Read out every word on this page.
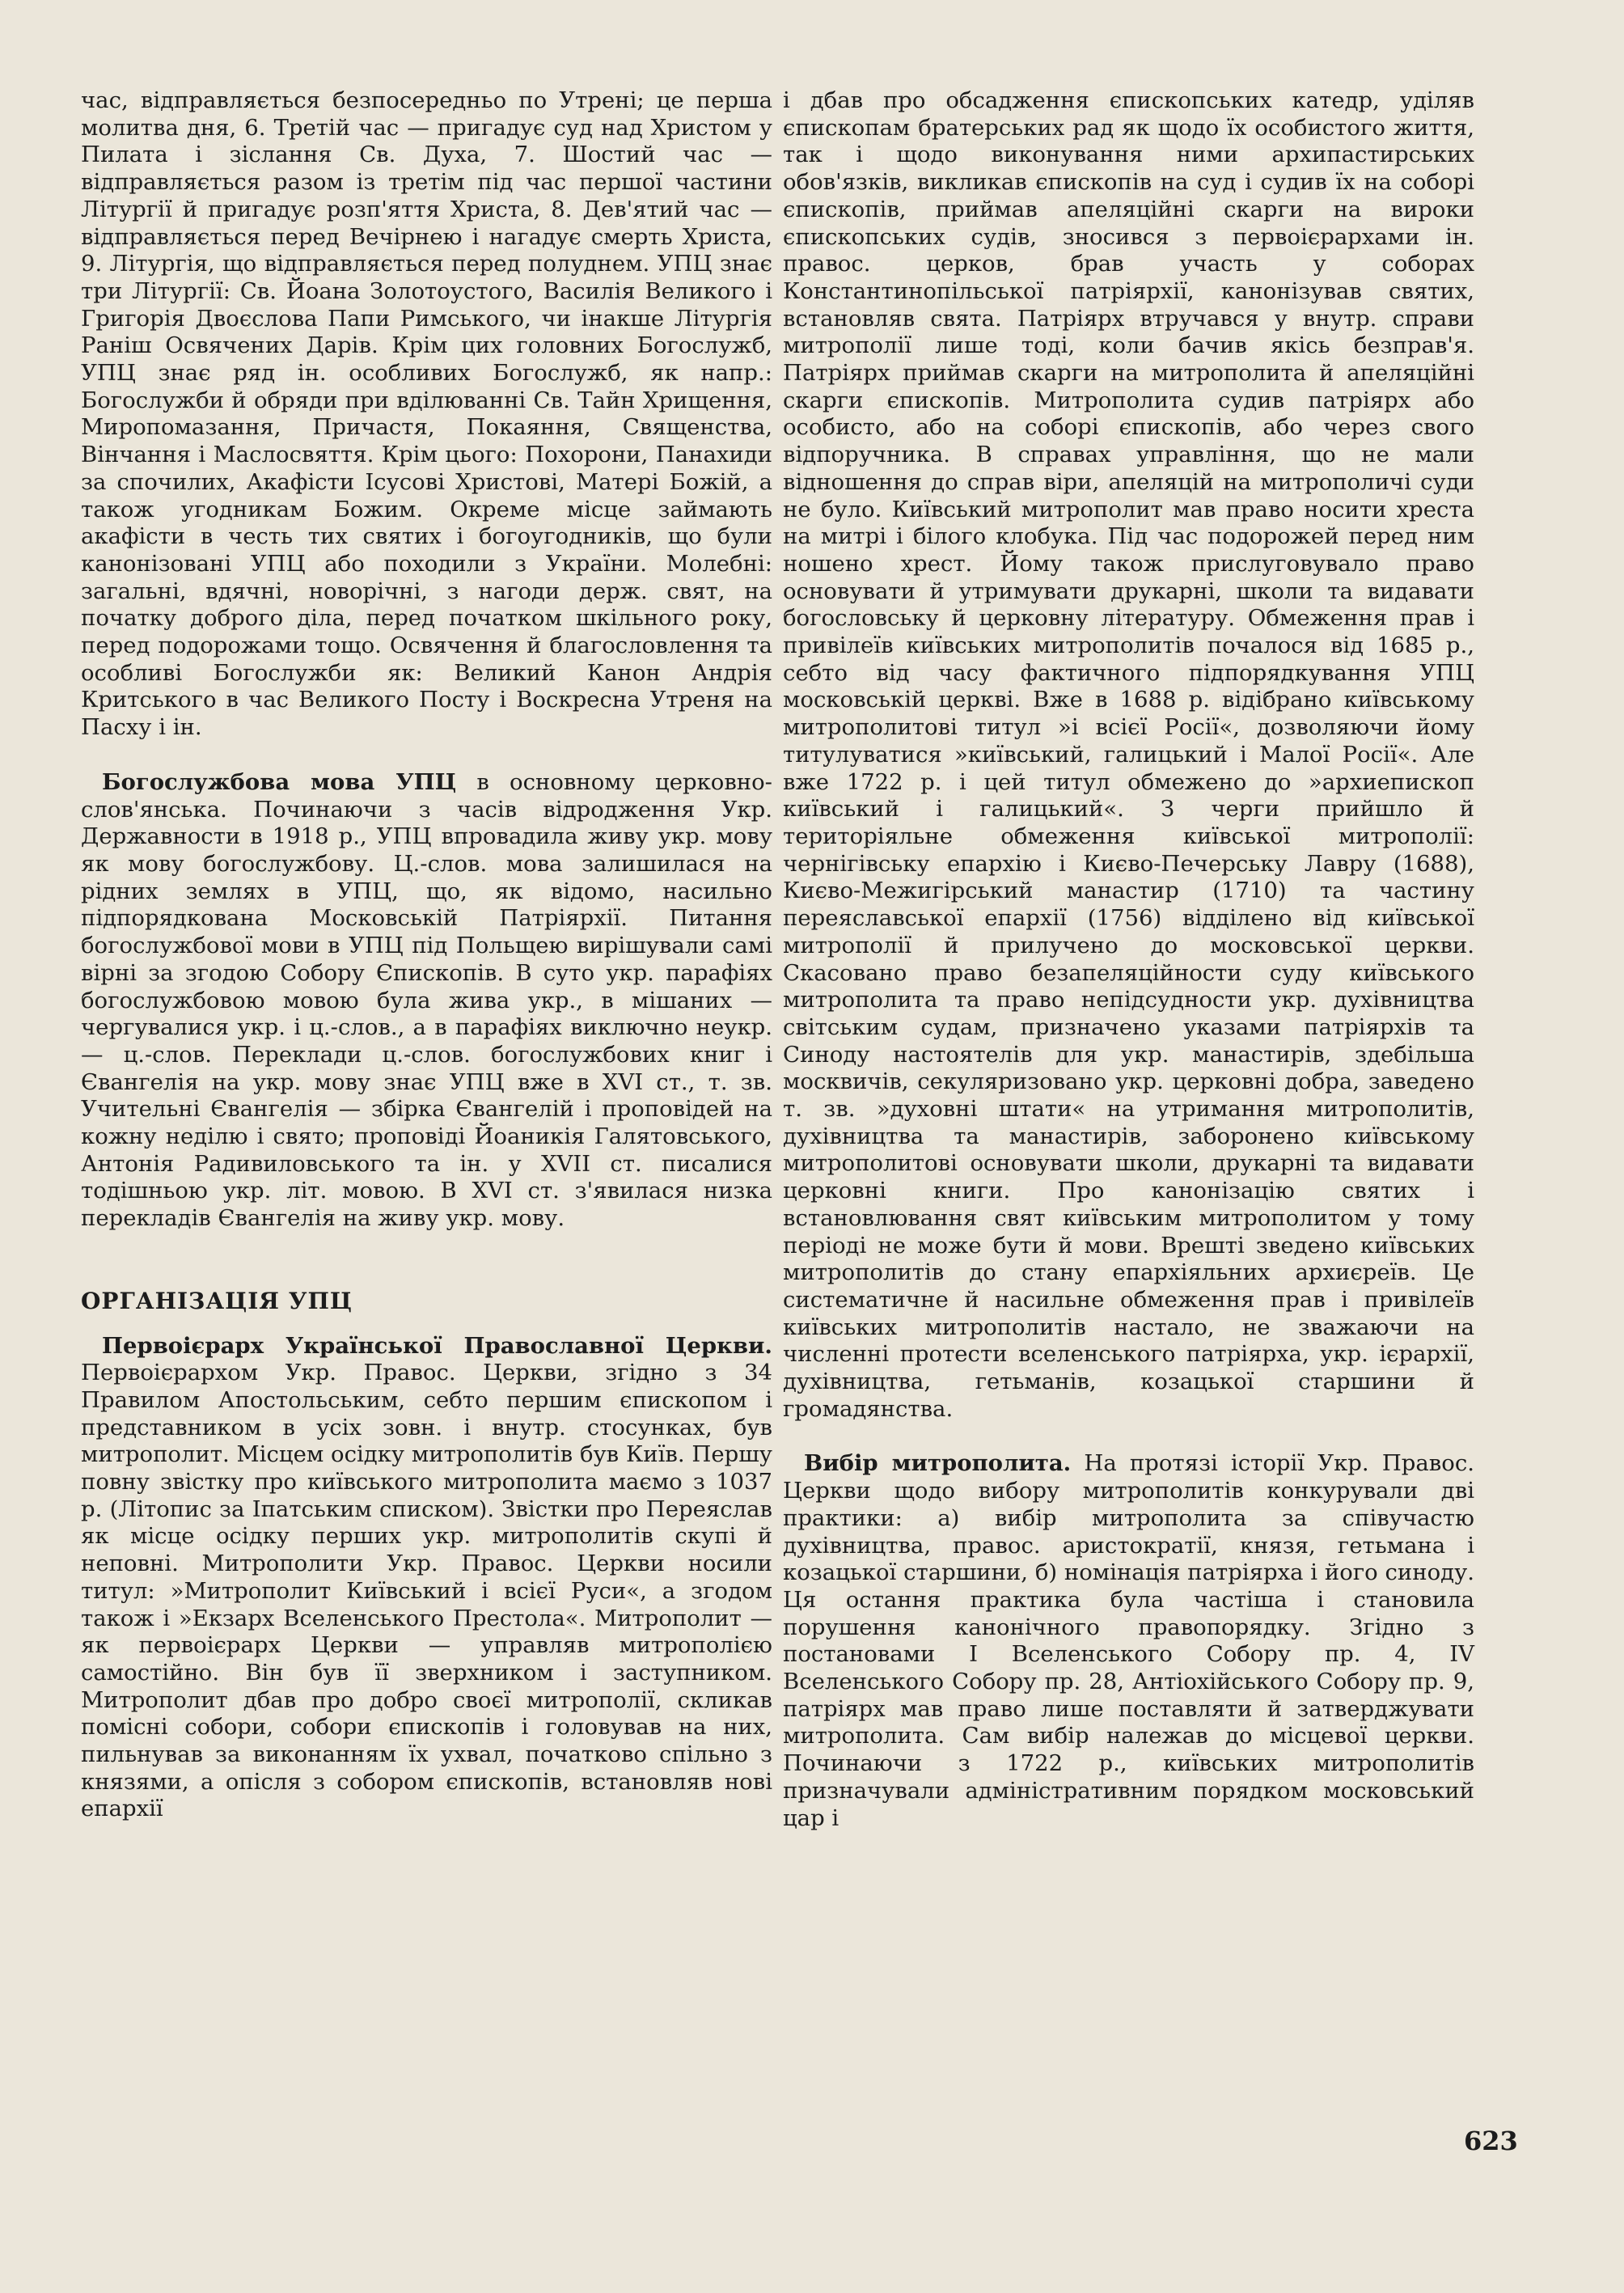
час, відправляється безпосередньо по Утрені; це перша молитва дня, 6. Третій час — пригадує суд над Христом у Пилата і зіслання Св. Духа, 7. Шостий час — відправляється разом із третім під час першої частини Літургії й пригадує розп'яття Христа, 8. Дев'ятий час — відправляється перед Вечірнею і нагадує смерть Христа, 9. Літургія, що відправляється перед полуднем. УПЦ знає три Літургії: Св. Йоана Золотоустого, Василія Великого і Григорія Двоєслова Папи Римського, чи інакше Літургія Раніш Освячених Дарів. Крім цих головних Богослужб, УПЦ знає ряд ін. особливих Богослужб, як напр.: Богослужби й обряди при вділюванні Св. Тайн Хрищення, Миропомазання, Причастя, Покаяння, Священства, Вінчання і Маслосвяття. Крім цього: Похорони, Панахиди за спочилих, Акафісти Ісусові Христові, Матері Божій, а також угодникам Божим. Окреме місце займають акафісти в честь тих святих і богоугодників, що були канонізовані УПЦ або походили з України. Молебні: загальні, вдячні, новорічні, з нагоди держ. свят, на початку доброго діла, перед початком шкільного року, перед подорожами тощо. Освячення й благословлення та особливі Богослужби як: Великий Канон Андрія Критського в час Великого Посту і Воскресна Утреня на Пасху і ін.

Богослужбова мова УПЦ в основному церковно-слов'янська. Починаючи з часів відродження Укр. Державности в 1918 р., УПЦ впровадила живу укр. мову як мову богослужбову. Ц.-слов. мова залишилася на рідних землях в УПЦ, що, як відомо, насильно підпорядкована Московській Патріярхії. Питання богослужбової мови в УПЦ під Польщею вирішували самі вірні за згодою Собору Єпископів. В суто укр. парафіях богослужбовою мовою була жива укр., в мішаних — чергувалися укр. і ц.-слов., а в парафіях виключно неукр. — ц.-слов. Переклади ц.-слов. богослужбових книг і Євангелія на укр. мову знає УПЦ вже в XVI ст., т. зв. Учительні Євангелія — збірка Євангелій і проповідей на кожну неділю і свято; проповіді Йоаникія Галятовського, Антонія Радивиловського та ін. у XVII ст. писалися тодішньою укр. літ. мовою. В XVI ст. з'явилася низка перекладів Євангелія на живу укр. мову.

ОРГАНІЗАЦІЯ УПЦ

Первоієрарх Української Православної Церкви. Первоієрархом Укр. Правос. Церкви, згідно з 34 Правилом Апостольським, себто першим єпископом і представником в усіх зовн. і внутр. стосунках, був митрополит. Місцем осідку митрополитів був Київ. Першу повну звістку про київського митрополита маємо з 1037 р. (Літопис за Іпатським списком). Звістки про Переяслав як місце осідку перших укр. митрополитів скупі й неповні. Митрополити Укр. Правос. Церкви носили титул: »Митрополит Київський і всієї Руси«, а згодом також і »Екзарх Вселенського Престола«. Митрополит — як первоієрарх Церкви — управляв митрополією самостійно. Він був її зверхником і заступником. Митрополит дбав про добро своєї митрополії, скликав помісні собори, собори єпископів і головував на них, пильнував за виконанням їх ухвал, початково спільно з князями, а опісля з собором єпископів, встановляв нові епархії

і дбав про обсадження єпископських катедр, уділяв єпископам братерських рад як щодо їх особистого життя, так і щодо виконування ними архипастирських обов'язків, викликав єпископів на суд і судив їх на соборі єпископів, приймав апеляційні скарги на вироки єпископських судів, зносився з первоієрархами ін. правос. церков, брав участь у соборах Константинопільської патріярхії, канонізував святих, встановляв свята. Патріярх втручався у внутр. справи митрополії лише тоді, коли бачив якісь безправ'я. Патріярх приймав скарги на митрополита й апеляційні скарги єпископів. Митрополита судив патріярх або особисто, або на соборі єпископів, або через свого відпоручника. В справах управління, що не мали відношення до справ віри, апеляцій на митрополичі суди не було. Київський митрополит мав право носити хреста на митрі і білого клобука. Під час подорожей перед ним ношено хрест. Йому також прислуговувало право основувати й утримувати друкарні, школи та видавати богословську й церковну літературу. Обмеження прав і привілеїв київських митрополитів почалося від 1685 р., себто від часу фактичного підпорядкування УПЦ московській церкві. Вже в 1688 р. відібрано київському митрополитові титул »і всієї Росії«, дозволяючи йому титулуватися »київський, галицький і Малої Росії«. Але вже 1722 р. і цей титул обмежено до »архиепископ київський і галицький«. З черги прийшло й територіяльне обмеження київської митрополії: чернігівську епархію і Києво-Печерську Лавру (1688), Києво-Межигірський манастир (1710) та частину переяславської епархії (1756) відділено від київської митрополії й прилучено до московської церкви. Скасовано право безапеляційности суду київського митрополита та право непідсудности укр. духівництва світським судам, призначено указами патріярхів та Синоду настоятелів для укр. манастирів, здебільша москвичів, секуляризовано укр. церковні добра, заведено т. зв. »духовні штати« на утримання митрополитів, духівництва та манастирів, заборонено київському митрополитові основувати школи, друкарні та видавати церковні книги. Про канонізацію святих і встановлювання свят київським митрополитом у тому періоді не може бути й мови. Врешті зведено київських митрополитів до стану епархіяльних архиєреїв. Це систематичне й насильне обмеження прав і привілеїв київських митрополитів настало, не зважаючи на численні протести вселенського патріярха, укр. ієрархії, духівництва, гетьманів, козацької старшини й громадянства.

Вибір митрополита. На протязі історії Укр. Правос. Церкви щодо вибору митрополитів конкурували дві практики: а) вибір митрополита за співучастю духівництва, правос. аристократії, князя, гетьмана і козацької старшини, б) номінація патріярха і його синоду. Ця остання практика була частіша і становила порушення канонічного правопорядку. Згідно з постановами І Вселенського Собору пр. 4, IV Вселенського Собору пр. 28, Антіохійського Собору пр. 9, патріярх мав право лише поставляти й затверджувати митрополита. Сам вибір належав до місцевої церкви. Починаючи з 1722 р., київських митрополитів призначували адміністративним порядком московський цар і

623
